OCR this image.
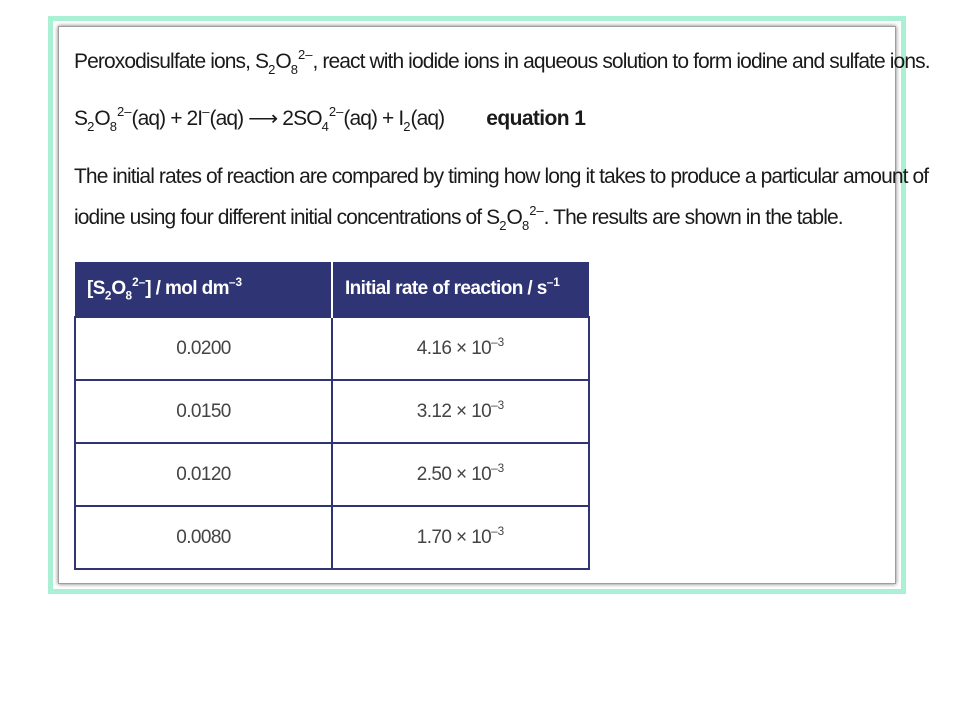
Peroxodisulfate ions, $S_2O_8^{2-}$, react with iodide ions in aqueous solution to form iodine and sulfate ions.
$S_2O_8^{2-}(aq) + 2I^-(aq)$ ⟶ $2SO_4^{2-}(aq) + I_2(aq)$ equation 1
The initial rates of reaction are compared by timing how long it takes to produce a particular amount of
iodine using four different initial concentrations of $S_2O_8^{2-}$. The results are shown in the table.
$[S_2O_8^{2-}]$ / mol $dm^{-3}$	Initial rate of reaction / $s^{-1}$
0.0200	$4.16 \times 10^{-3}$
0.0150	$3.12 \times 10^{-3}$
0.0120	$2.50 \times 10^{-3}$
0.0080	$1.70 \times 10^{-3}$
